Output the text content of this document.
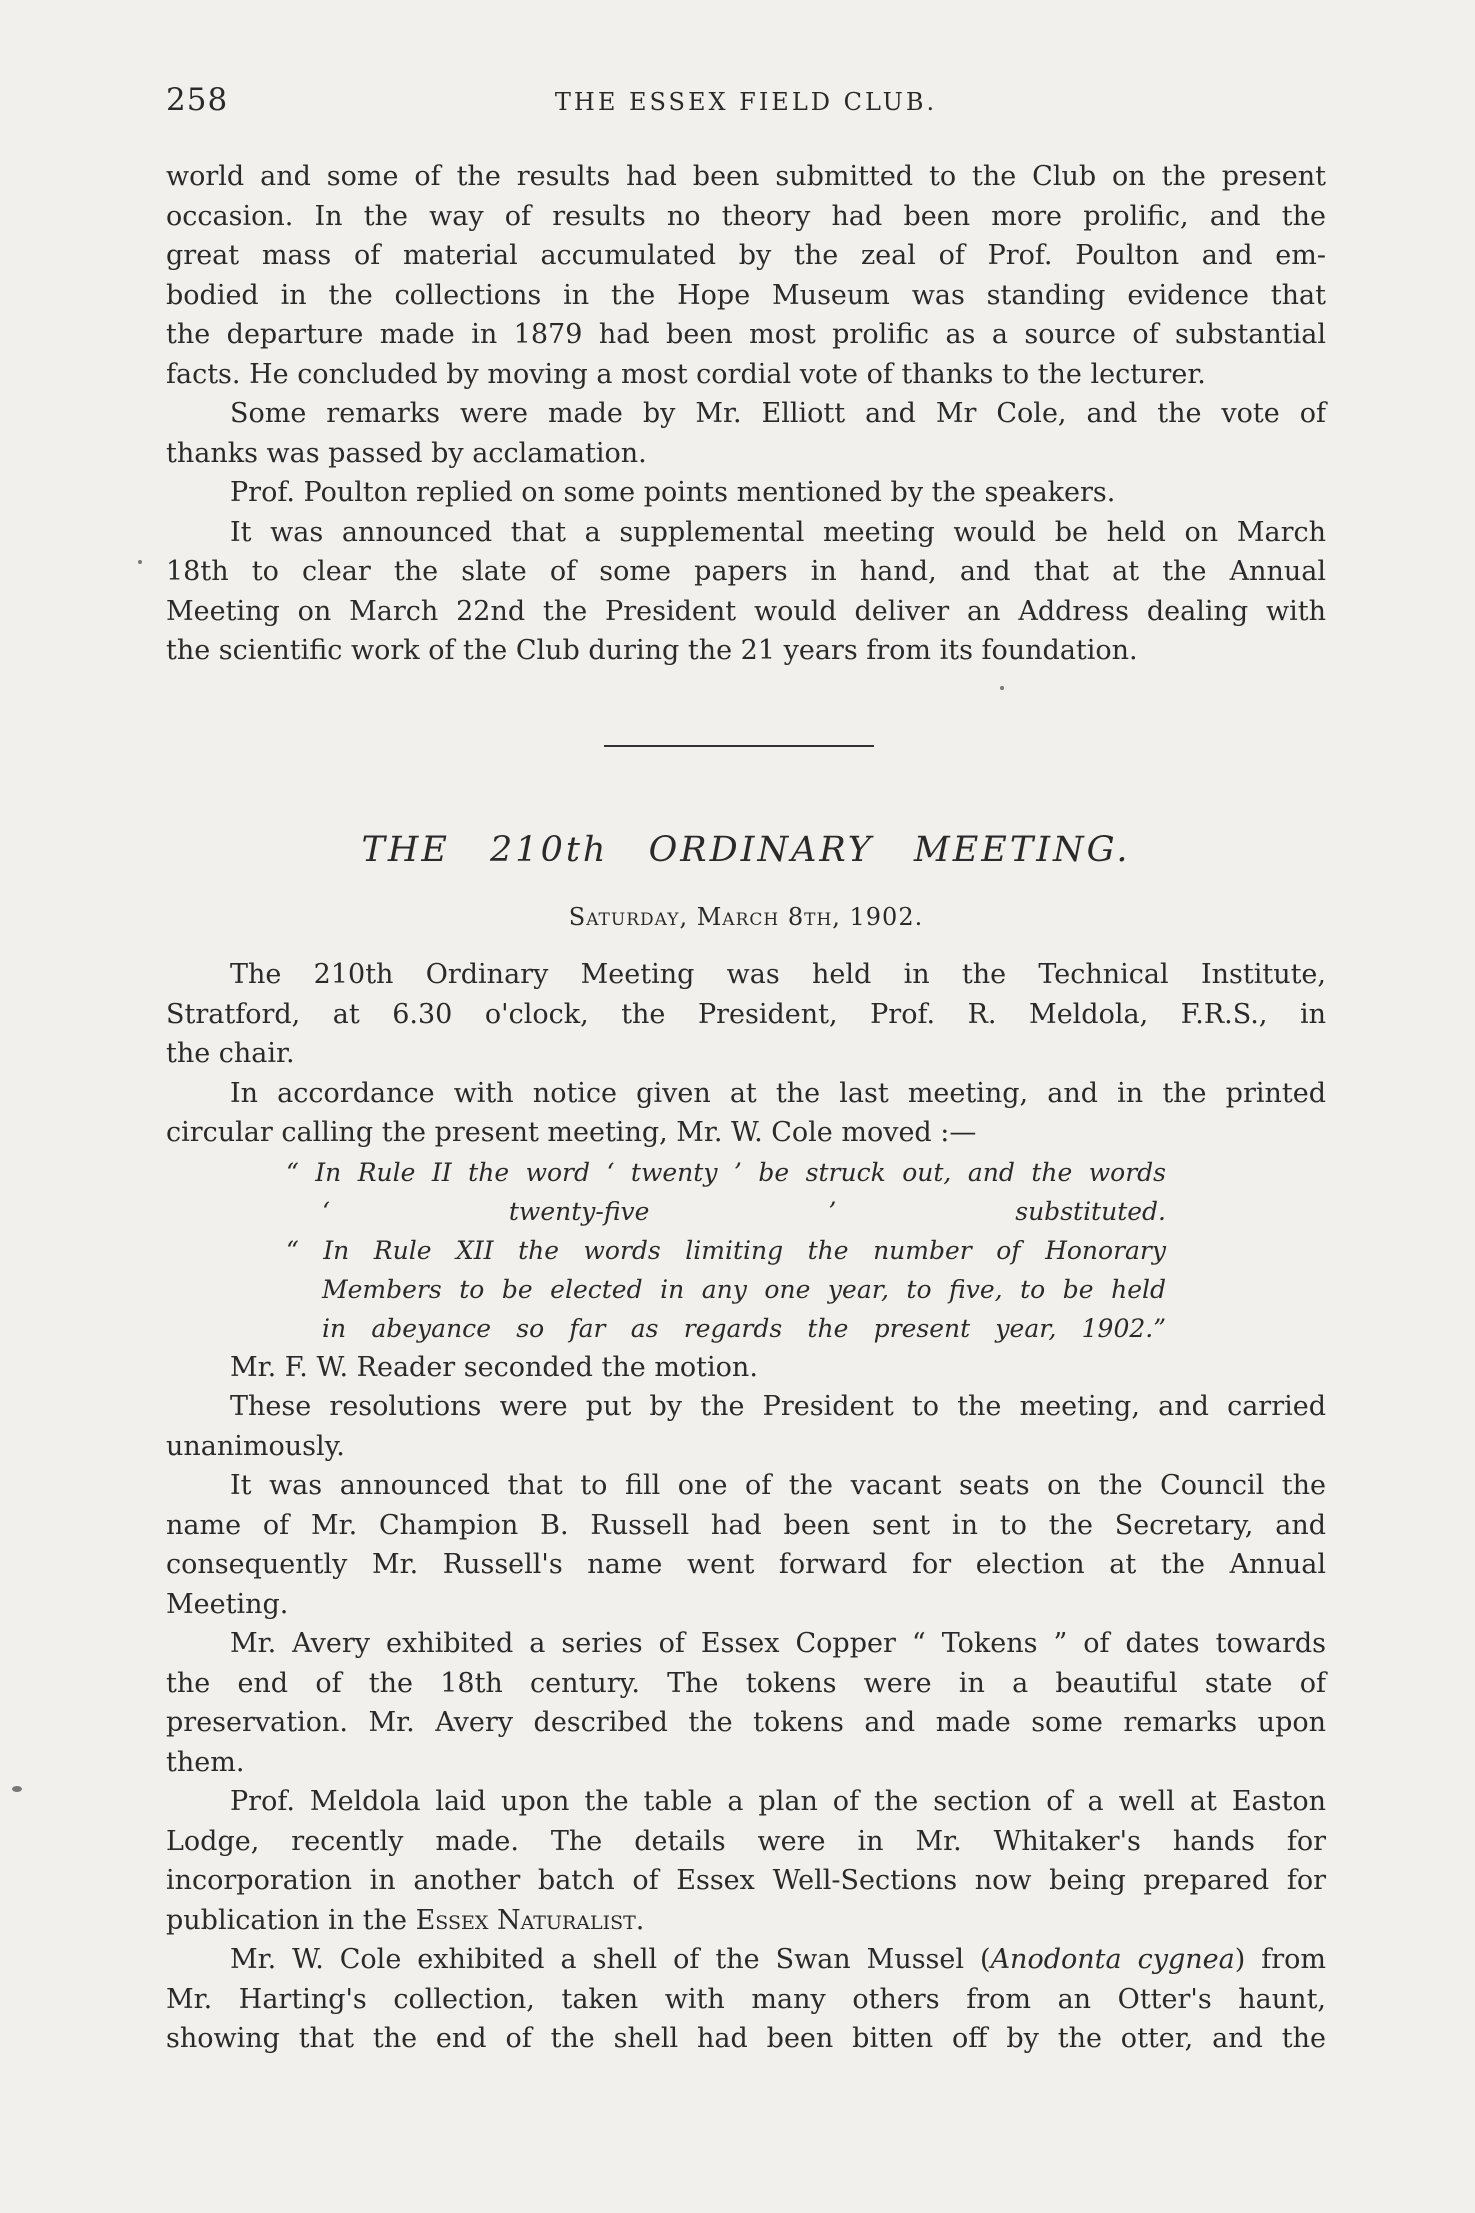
258	THE ESSEX FIELD CLUB.

world and some of the results had been submitted to the Club on the present
occasion. In the way of results no theory had been more prolific, and the
great mass of material accumulated by the zeal of Prof. Poulton and em-
bodied in the collections in the Hope Museum was standing evidence that
the departure made in 1879 had been most prolific as a source of substantial
facts. He concluded by moving a most cordial vote of thanks to the lecturer.

Some remarks were made by Mr. Elliott and Mr Cole, and the vote of
thanks was passed by acclamation.

Prof. Poulton replied on some points mentioned by the speakers.

It was announced that a supplemental meeting would be held on March
18th to clear the slate of some papers in hand, and that at the Annual
Meeting on March 22nd the President would deliver an Address dealing with
the scientific work of the Club during the 21 years from its foundation.

THE 210th ORDINARY MEETING.
Saturday, March 8th, 1902.

The 210th Ordinary Meeting was held in the Technical Institute,
Stratford, at 6.30 o'clock, the President, Prof. R. Meldola, F.R.S., in
the chair.

In accordance with notice given at the last meeting, and in the printed
circular calling the present meeting, Mr. W. Cole moved :—

“ In Rule II the word ‘ twenty ’ be struck out, and the words
‘ twenty-five ’ substituted.
“ In Rule XII the words limiting the number of Honorary
Members to be elected in any one year, to five, to be held
in abeyance so far as regards the present year, 1902.”

Mr. F. W. Reader seconded the motion.

These resolutions were put by the President to the meeting, and carried
unanimously.

It was announced that to fill one of the vacant seats on the Council the
name of Mr. Champion B. Russell had been sent in to the Secretary, and
consequently Mr. Russell's name went forward for election at the Annual
Meeting.

Mr. Avery exhibited a series of Essex Copper “ Tokens ” of dates towards
the end of the 18th century. The tokens were in a beautiful state of
preservation. Mr. Avery described the tokens and made some remarks upon
them.

Prof. Meldola laid upon the table a plan of the section of a well at Easton
Lodge, recently made. The details were in Mr. Whitaker's hands for
incorporation in another batch of Essex Well-Sections now being prepared for
publication in the Essex Naturalist.

Mr. W. Cole exhibited a shell of the Swan Mussel (Anodonta cygnea) from
Mr. Harting's collection, taken with many others from an Otter's haunt,
showing that the end of the shell had been bitten off by the otter, and the
